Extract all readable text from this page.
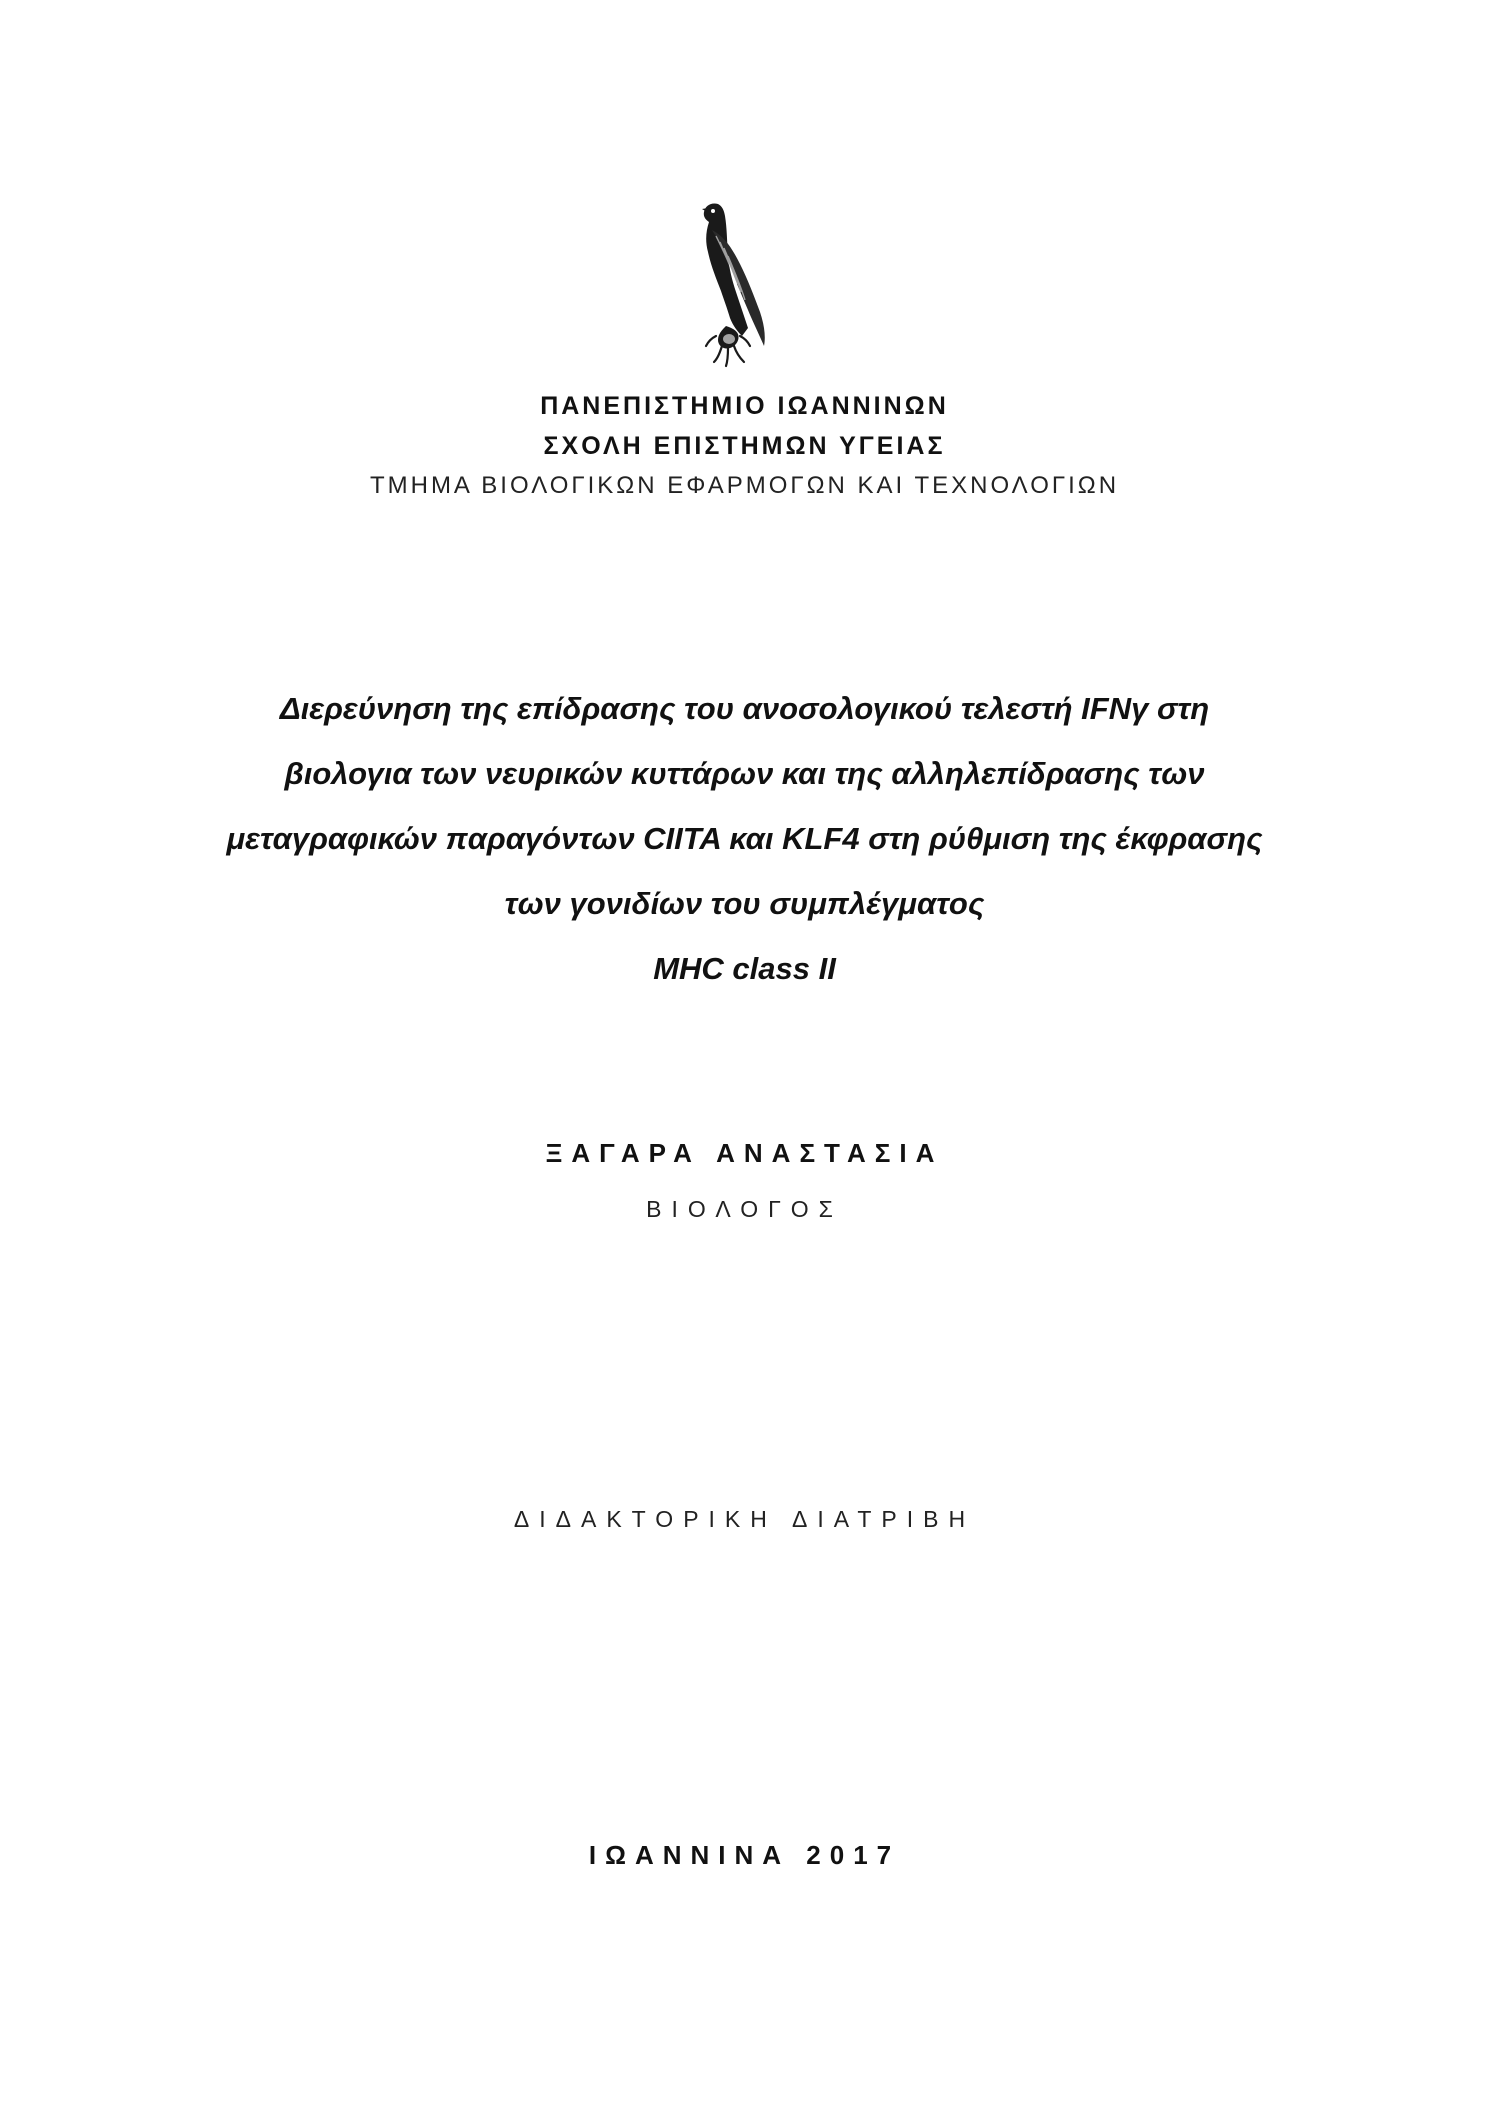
ΠΑΝΕΠΙΣΤΗΜΙΟ ΙΩΑΝΝΙΝΩΝ
ΣΧΟΛΗ ΕΠΙΣΤΗΜΩΝ ΥΓΕΙΑΣ
ΤΜΗΜΑ ΒΙΟΛΟΓΙΚΩΝ ΕΦΑΡΜΟΓΩΝ ΚΑΙ ΤΕΧΝΟΛΟΓΙΩΝ
Διερεύνηση της επίδρασης του ανοσολογικού τελεστή IFNγ στη
βιολογια των νευρικών κυττάρων και της αλληλεπίδρασης των
μεταγραφικών παραγόντων CIITA και KLF4 στη ρύθμιση της έκφρασης
των γονιδίων του συμπλέγματος
MHC class II
ΞΑΓΑΡΑ ΑΝΑΣΤΑΣΙΑ
ΒΙΟΛΟΓΟΣ
ΔΙΔΑΚΤΟΡΙΚΗ ΔΙΑΤΡΙΒΗ
ΙΩΑΝΝΙΝΑ 2017
